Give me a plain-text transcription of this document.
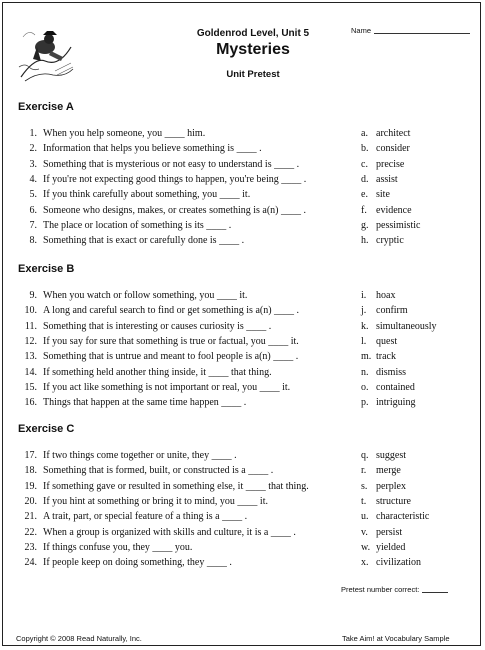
Goldenrod Level, Unit 5
Mysteries
Unit Pretest
Name
Exercise A
1. When you help someone, you ____ him.	a. architect
2. Information that helps you believe something is ____ .	b. consider
3. Something that is mysterious or not easy to understand is ____ .	c. precise
4. If you're not expecting good things to happen, you're being ____ .	d. assist
5. If you think carefully about something, you ____ it.	e. site
6. Someone who designs, makes, or creates something is a(n) ____ .	f. evidence
7. The place or location of something is its ____ .	g. pessimistic
8. Something that is exact or carefully done is ____ .	h. cryptic
Exercise B
9. When you watch or follow something, you ____ it.	i. hoax
10. A long and careful search to find or get something is a(n) ____ .	j. confirm
11. Something that is interesting or causes curiosity is ____ .	k. simultaneously
12. If you say for sure that something is true or factual, you ____ it.	l. quest
13. Something that is untrue and meant to fool people is a(n) ____ .	m. track
14. If something held another thing inside, it ____ that thing.	n. dismiss
15. If you act like something is not important or real, you ____ it.	o. contained
16. Things that happen at the same time happen ____ .	p. intriguing
Exercise C
17. If two things come together or unite, they ____ .	q. suggest
18. Something that is formed, built, or constructed is a ____ .	r. merge
19. If something gave or resulted in something else, it ____ that thing.	s. perplex
20. If you hint at something or bring it to mind, you ____ it.	t. structure
21. A trait, part, or special feature of a thing is a ____ .	u. characteristic
22. When a group is organized with skills and culture, it is a ____ .	v. persist
23. If things confuse you, they ____ you.	w. yielded
24. If people keep on doing something, they ____ .	x. civilization
Pretest number correct:
Copyright © 2008 Read Naturally, Inc.	Take Aim! at Vocabulary Sample
